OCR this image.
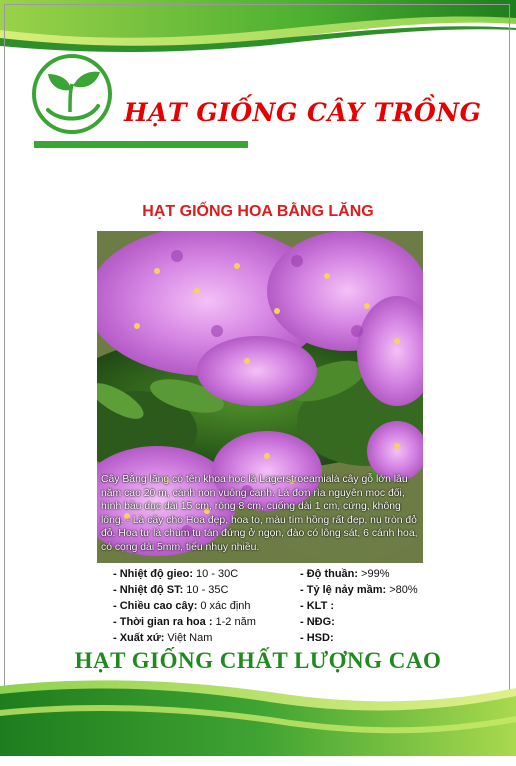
HẠT GIỐNG CÂY TRỒNG
HẠT GIỐNG HOA BẰNG LĂNG
Cây Bằng lăng có tên khoa học là Lagerstroeamialà cây gỗ lớn lâu năm cao 20 m, cành non vuông cạnh. Lá đơn rìa nguyên mọc đối, hình bầu dục dài 15 cm, rộng 8 cm, cuống dài 1 cm, cứng, không lông. - Là cây cho Hoa đẹp, hoa to, màu tím hồng rất đẹp, nụ tròn đỏ đỏ. Hoa tự là chùm tụ tán đứng ở ngọn, đào có lông sát, 6 cánh hoa, có cọng dài 5mm, tiểu nhụy nhiều.
- Nhiệt độ gieo: 10 - 30C
- Nhiệt độ ST: 10 - 35C
- Chiều cao cây: 0 xác định
- Thời gian ra hoa : 1-2 năm
- Xuất xứ: Việt Nam
- Độ thuần: >99%
- Tỷ lệ nảy mầm: >80%
- KLT :
- NĐG:
- HSD:
HẠT GIỐNG CHẤT LƯỢNG CAO
